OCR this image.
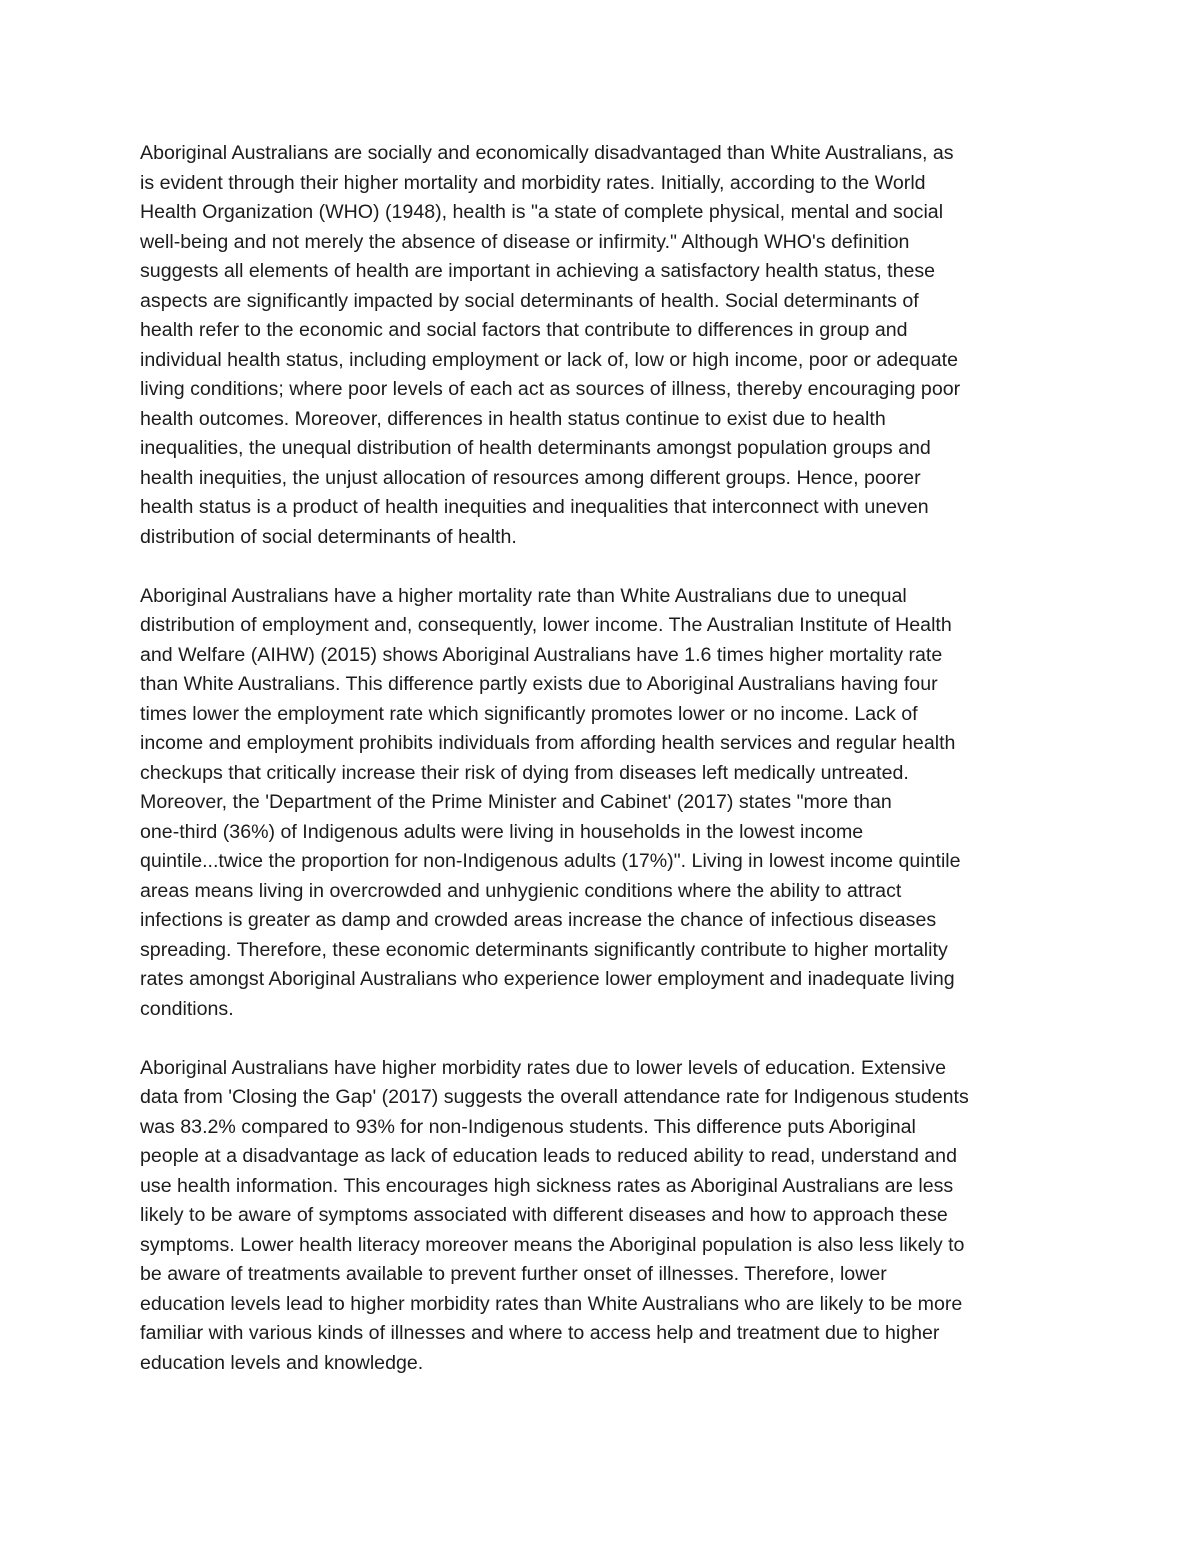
Aboriginal Australians are socially and economically disadvantaged than White Australians, as
is evident through their higher mortality and morbidity rates. Initially, according to the World
Health Organization (WHO) (1948), health is "a state of complete physical, mental and social
well-being and not merely the absence of disease or infirmity." Although WHO's definition
suggests all elements of health are important in achieving a satisfactory health status, these
aspects are significantly impacted by social determinants of health. Social determinants of
health refer to the economic and social factors that contribute to differences in group and
individual health status, including employment or lack of, low or high income, poor or adequate
living conditions; where poor levels of each act as sources of illness, thereby encouraging poor
health outcomes. Moreover, differences in health status continue to exist due to health
inequalities, the unequal distribution of health determinants amongst population groups and
health inequities, the unjust allocation of resources among different groups. Hence, poorer
health status is a product of health inequities and inequalities that interconnect with uneven
distribution of social determinants of health.

Aboriginal Australians have a higher mortality rate than White Australians due to unequal
distribution of employment and, consequently, lower income. The Australian Institute of Health
and Welfare (AIHW) (2015) shows Aboriginal Australians have 1.6 times higher mortality rate
than White Australians. This difference partly exists due to Aboriginal Australians having four
times lower the employment rate which significantly promotes lower or no income. Lack of
income and employment prohibits individuals from affording health services and regular health
checkups that critically increase their risk of dying from diseases left medically untreated.
Moreover, the 'Department of the Prime Minister and Cabinet' (2017) states "more than
one-third (36%) of Indigenous adults were living in households in the lowest income
quintile...twice the proportion for non-Indigenous adults (17%)". Living in lowest income quintile
areas means living in overcrowded and unhygienic conditions where the ability to attract
infections is greater as damp and crowded areas increase the chance of infectious diseases
spreading. Therefore, these economic determinants significantly contribute to higher mortality
rates amongst Aboriginal Australians who experience lower employment and inadequate living
conditions.

Aboriginal Australians have higher morbidity rates due to lower levels of education. Extensive
data from 'Closing the Gap' (2017) suggests the overall attendance rate for Indigenous students
was 83.2% compared to 93% for non-Indigenous students. This difference puts Aboriginal
people at a disadvantage as lack of education leads to reduced ability to read, understand and
use health information. This encourages high sickness rates as Aboriginal Australians are less
likely to be aware of symptoms associated with different diseases and how to approach these
symptoms. Lower health literacy moreover means the Aboriginal population is also less likely to
be aware of treatments available to prevent further onset of illnesses. Therefore, lower
education levels lead to higher morbidity rates than White Australians who are likely to be more
familiar with various kinds of illnesses and where to access help and treatment due to higher
education levels and knowledge.
